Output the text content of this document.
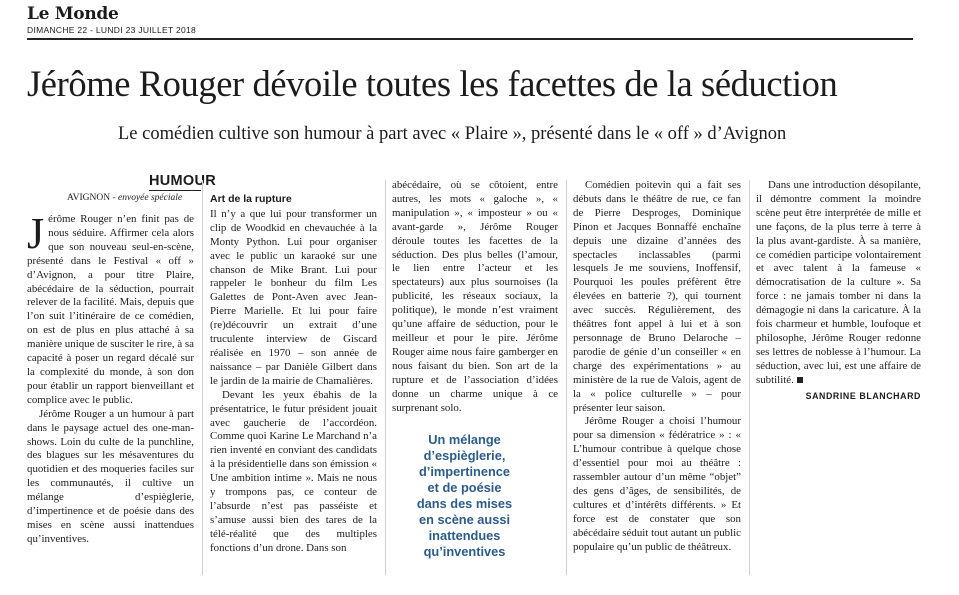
Le Monde
DIMANCHE 22 - LUNDI 23 JUILLET 2018
Jérôme Rouger dévoile toutes les facettes de la séduction
Le comédien cultive son humour à part avec « Plaire », présenté dans le « off » d’Avignon
HUMOUR
AVIGNON - envoyée spéciale
J érôme Rouger n’en finit pas de nous séduire. Affirmer cela alors que son nouveau seul-en-scène, présenté dans le Festival « off » d’Avignon, a pour titre Plaire, abécédaire de la séduction, pourrait relever de la facilité. Mais, depuis que l’on suit l’itinéraire de ce comédien, on est de plus en plus attaché à sa manière unique de susciter le rire, à sa capacité à poser un regard décalé sur la complexité du monde, à son don pour établir un rapport bienveillant et complice avec le public.

Jérôme Rouger a un humour à part dans le paysage actuel des one-man-shows. Loin du culte de la punchline, des blagues sur les mésaventures du quotidien et des moqueries faciles sur les communautés, il cultive un mélange d’espièglerie, d’impertinence et de poésie dans des mises en scène aussi inattendues qu’inventives.

Art de la rupture

Il n’y a que lui pour transformer un clip de Woodkid en chevauchée à la Monty Python. Lui pour organiser avec le public un karaoké sur une chanson de Mike Brant. Lui pour rappeler le bonheur du film Les Galettes de Pont-Aven avec Jean-Pierre Marielle. Et lui pour faire (re)découvrir un extrait d’une truculente interview de Giscard réalisée en 1970 – son année de naissance – par Danièle Gilbert dans le jardin de la mairie de Chamalières.

Devant les yeux ébahis de la présentatrice, le futur président jouait avec gaucherie de l’accordéon. Comme quoi Karine Le Marchand n’a rien inventé en conviant des candidats à la présidentielle dans son émission « Une ambition intime ». Mais ne nous y trompons pas, ce conteur de l’absurde n’est pas passéiste et s’amuse aussi bien des tares de la télé-réalité que des multiples fonctions d’un drone. Dans son

abécédaire, où se côtoient, entre autres, les mots « galoche », « manipulation », « imposteur » ou « avant-garde », Jérôme Rouger déroule toutes les facettes de la séduction. Des plus belles (l’amour, le lien entre l’acteur et les spectateurs) aux plus sournoises (la publicité, les réseaux sociaux, la politique), le monde n’est vraiment qu’une affaire de séduction, pour le meilleur et pour le pire. Jérôme Rouger aime nous faire gamberger en nous faisant du bien. Son art de la rupture et de l’association d’idées donne un charme unique à ce surprenant solo.

Un mélange d’espièglerie, d’impertinence et de poésie dans des mises en scène aussi inattendues qu’inventives

Comédien poitevin qui a fait ses débuts dans le théâtre de rue, ce fan de Pierre Desproges, Dominique Pinon et Jacques Bonnaffé enchaîne depuis une dizaine d’années des spectacles inclassables (parmi lesquels Je me souviens, Inoffensif, Pourquoi les poules préfèrent être élevées en batterie ?), qui tournent avec succès. Régulièrement, des théâtres font appel à lui et à son personnage de Bruno Delaroche – parodie de génie d’un conseiller « en charge des expérimentations » au ministère de la rue de Valois, agent de la « police culturelle » – pour présenter leur saison.

Jérôme Rouger a choisi l’humour pour sa dimension « fédératrice » : « L’humour contribue à quelque chose d’essentiel pour moi au théâtre : rassembler autour d’un même “objet” des gens d’âges, de sensibilités, de cultures et d’intérêts différents. » Et force est de constater que son abécédaire séduit tout autant un public populaire qu’un public de théâtreux.

Dans une introduction désopilante, il démontre comment la moindre scène peut être interprétée de mille et une façons, de la plus terre à terre à la plus avant-gardiste. À sa manière, ce comédien participe volontairement et avec talent à la fameuse « démocratisation de la culture ». Sa force : ne jamais tomber ni dans la démagogie ni dans la caricature. À la fois charmeur et humble, loufoque et philosophe, Jérôme Rouger redonne ses lettres de noblesse à l’humour. La séduction, avec lui, est une affaire de subtilité.

SANDRINE BLANCHARD
